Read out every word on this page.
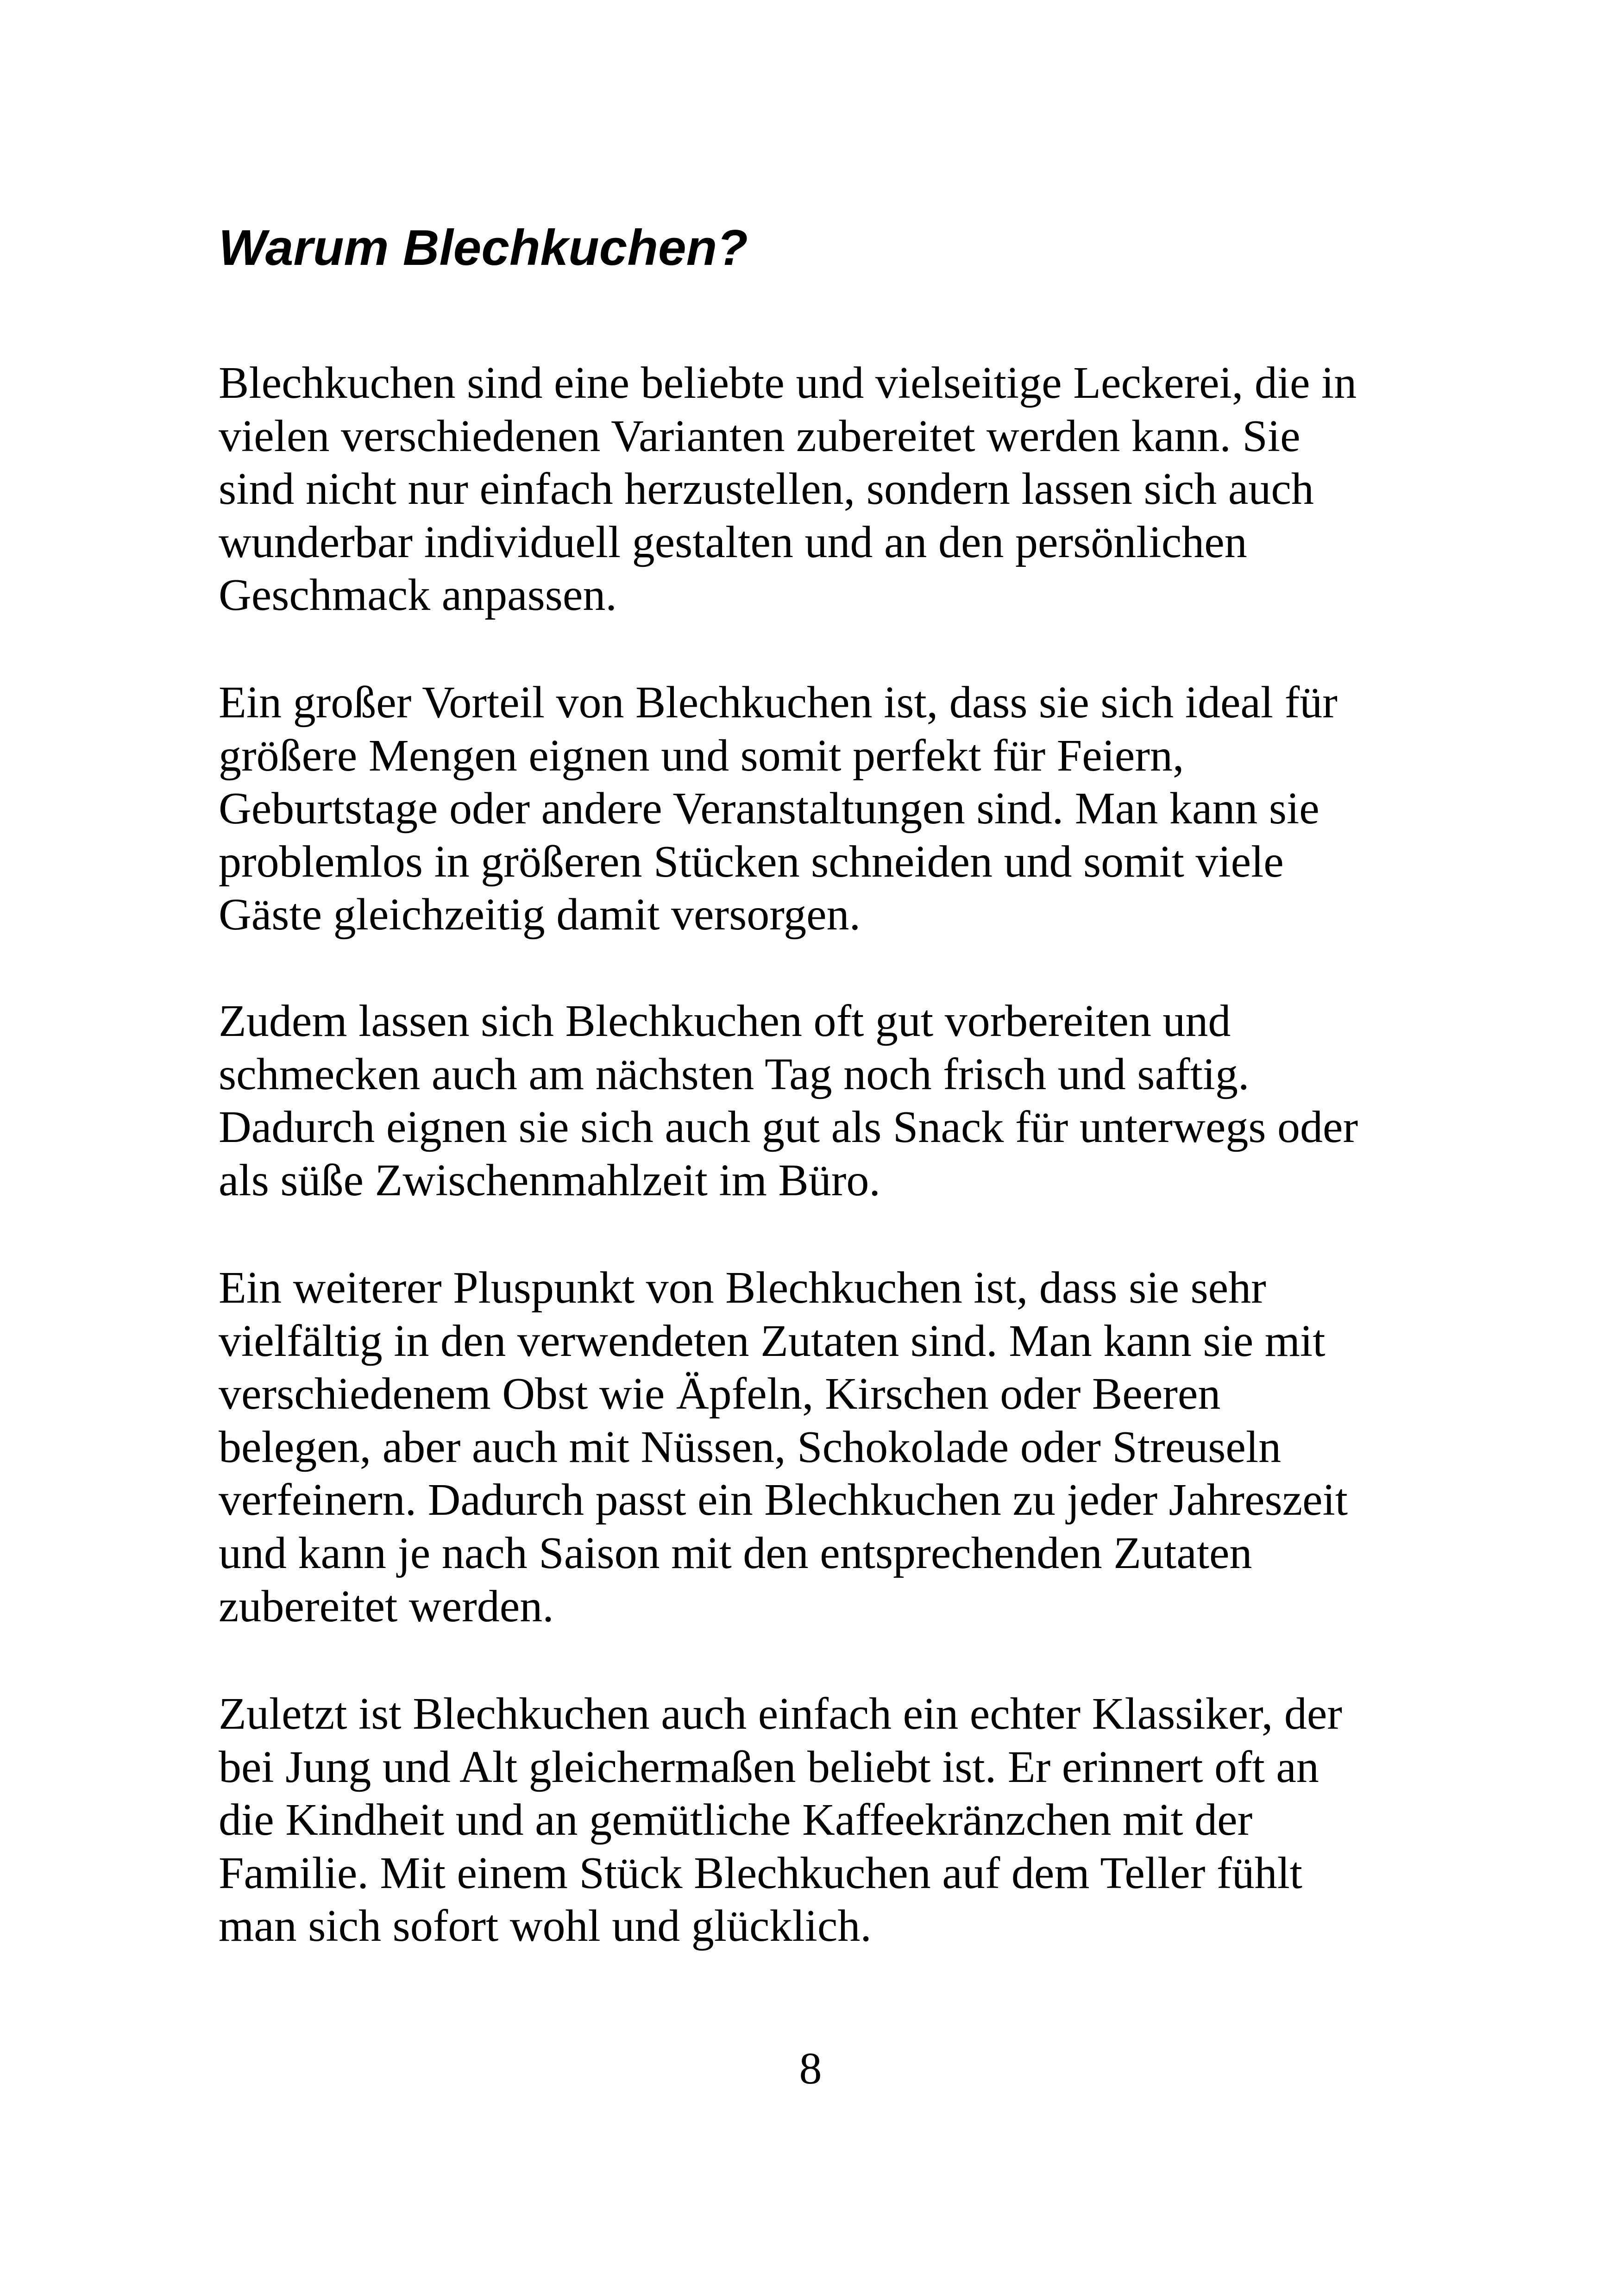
Warum Blechkuchen?

Blechkuchen sind eine beliebte und vielseitige Leckerei, die in
vielen verschiedenen Varianten zubereitet werden kann. Sie
sind nicht nur einfach herzustellen, sondern lassen sich auch
wunderbar individuell gestalten und an den persönlichen
Geschmack anpassen.

Ein großer Vorteil von Blechkuchen ist, dass sie sich ideal für
größere Mengen eignen und somit perfekt für Feiern,
Geburtstage oder andere Veranstaltungen sind. Man kann sie
problemlos in größeren Stücken schneiden und somit viele
Gäste gleichzeitig damit versorgen.

Zudem lassen sich Blechkuchen oft gut vorbereiten und
schmecken auch am nächsten Tag noch frisch und saftig.
Dadurch eignen sie sich auch gut als Snack für unterwegs oder
als süße Zwischenmahlzeit im Büro.

Ein weiterer Pluspunkt von Blechkuchen ist, dass sie sehr
vielfältig in den verwendeten Zutaten sind. Man kann sie mit
verschiedenem Obst wie Äpfeln, Kirschen oder Beeren
belegen, aber auch mit Nüssen, Schokolade oder Streuseln
verfeinern. Dadurch passt ein Blechkuchen zu jeder Jahreszeit
und kann je nach Saison mit den entsprechenden Zutaten
zubereitet werden.

Zuletzt ist Blechkuchen auch einfach ein echter Klassiker, der
bei Jung und Alt gleichermaßen beliebt ist. Er erinnert oft an
die Kindheit und an gemütliche Kaffeekränzchen mit der
Familie. Mit einem Stück Blechkuchen auf dem Teller fühlt
man sich sofort wohl und glücklich.

8
